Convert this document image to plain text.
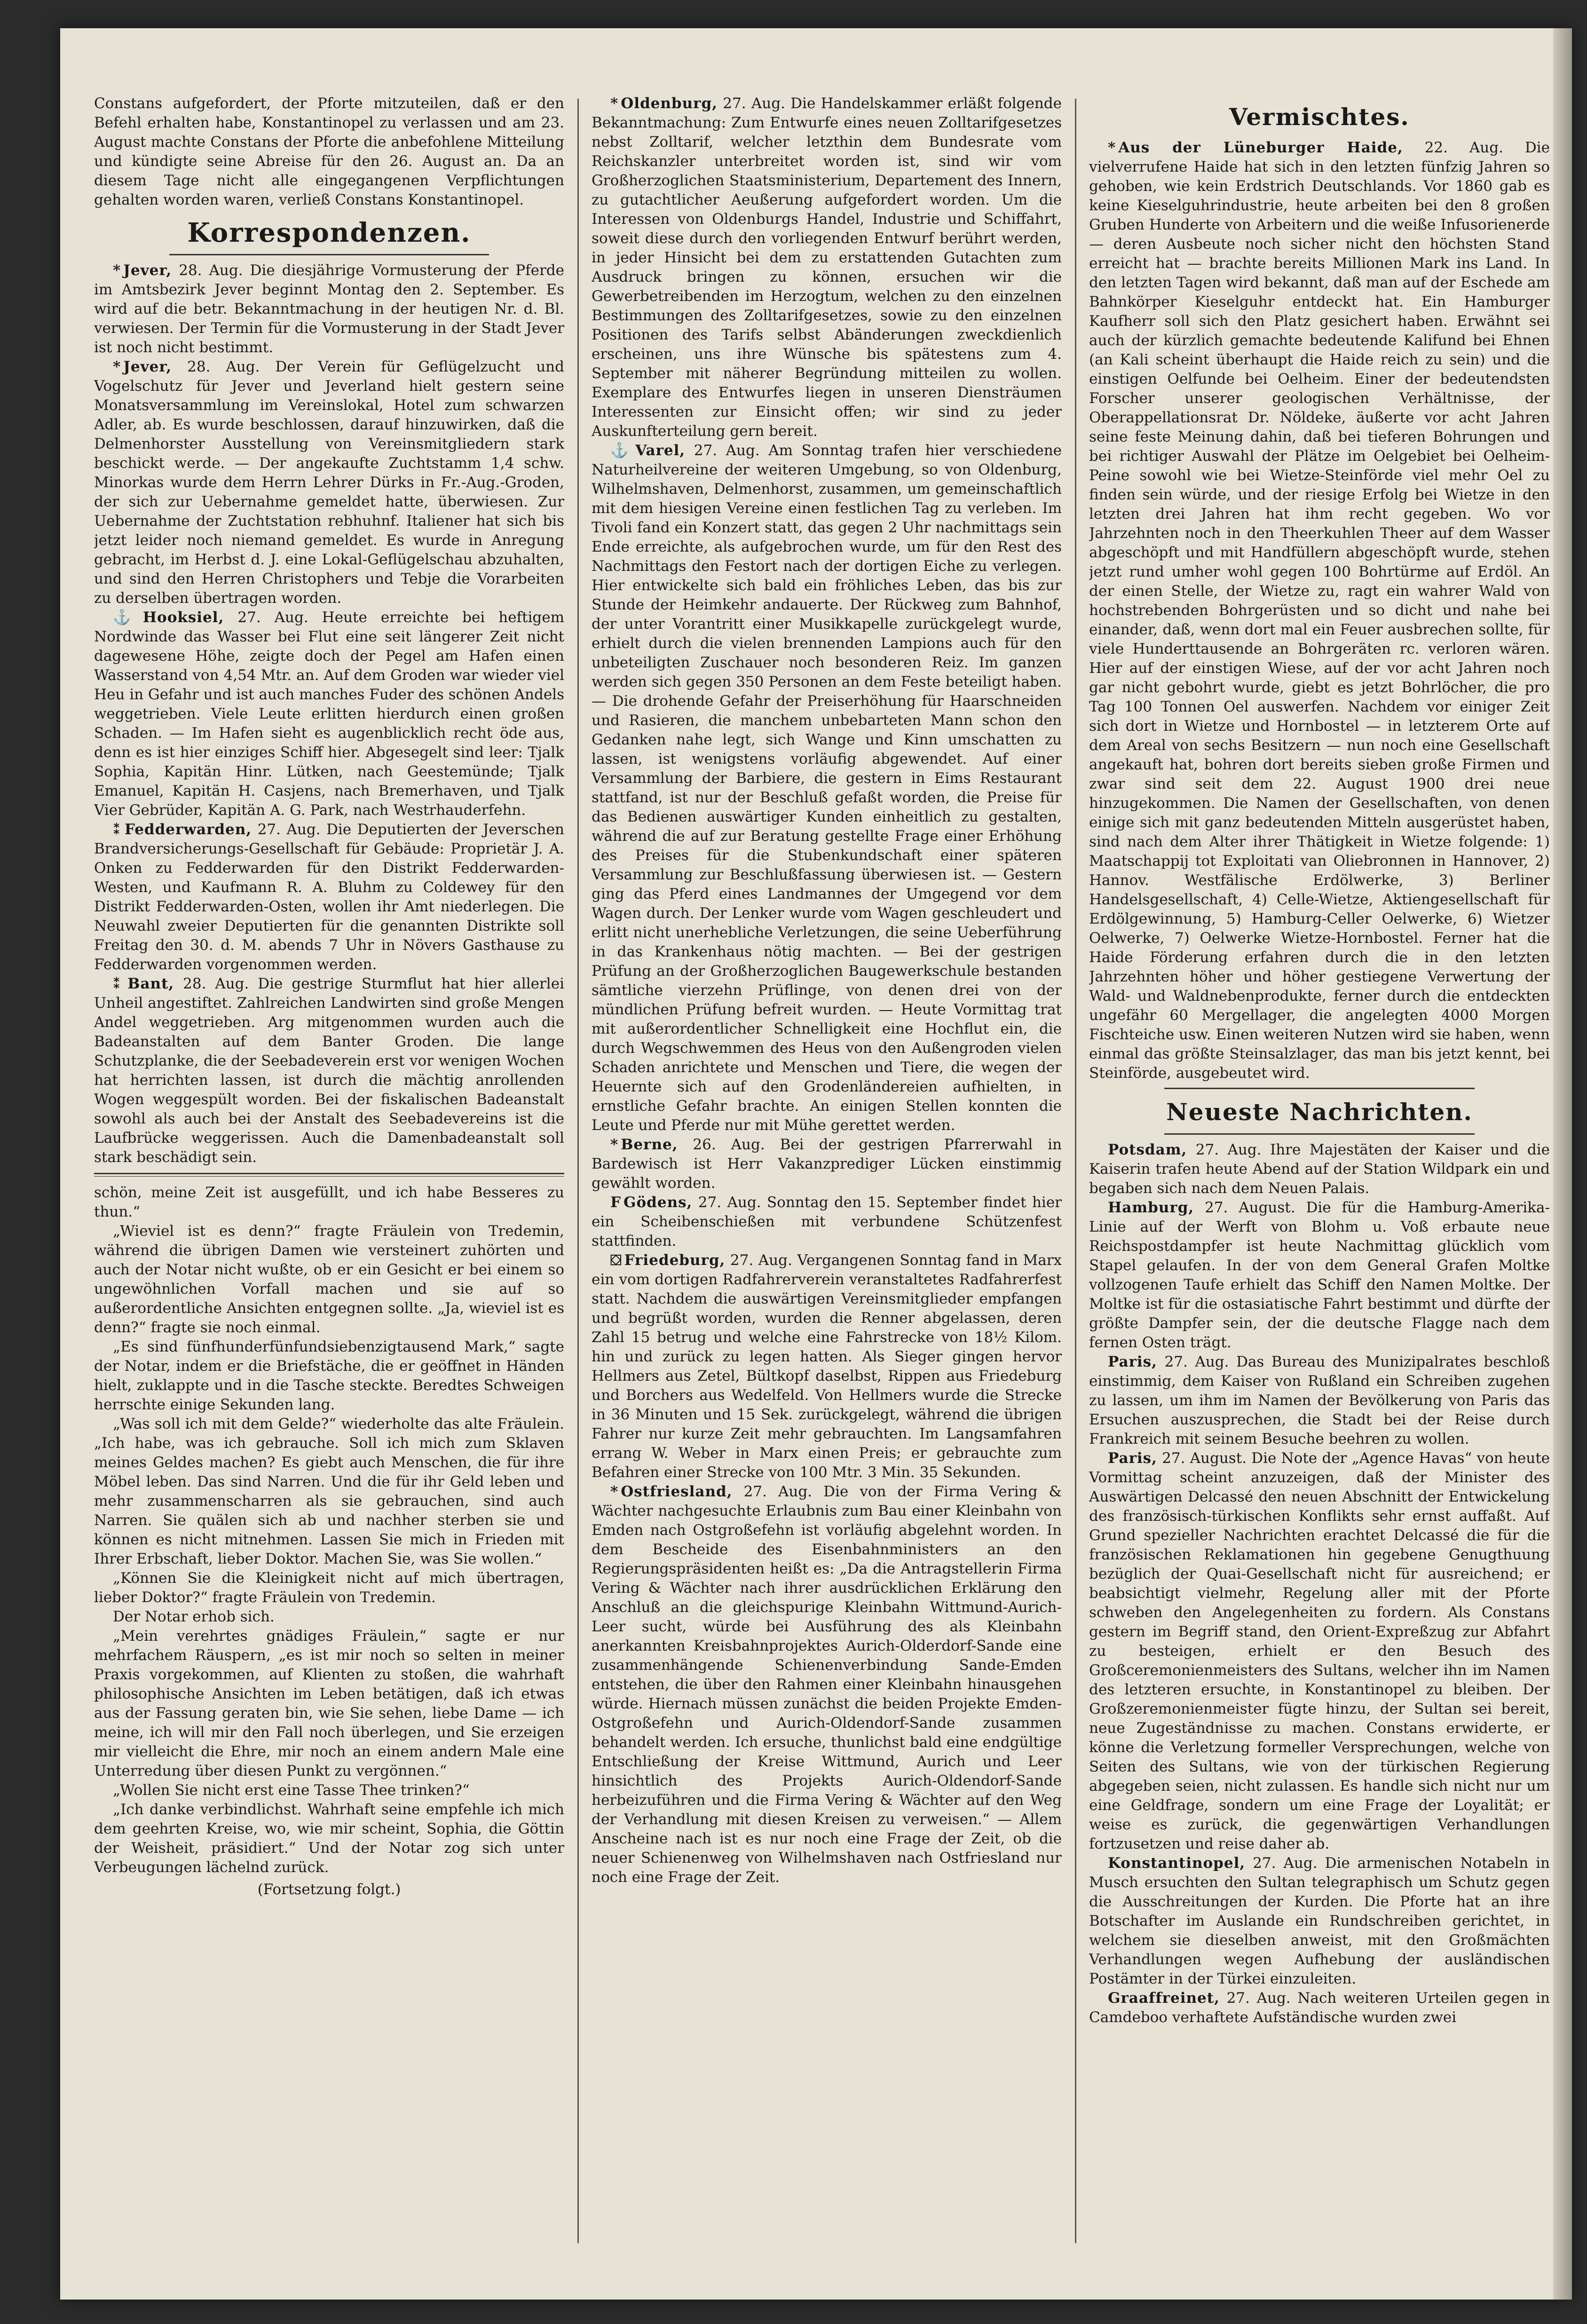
Constans aufgefordert, der Pforte mitzuteilen, daß er den Befehl erhalten habe, Konstantinopel zu verlassen und am 23. August machte Constans der Pforte die anbefohlene Mitteilung und kündigte seine Abreise für den 26. August an. Da an diesem Tage nicht alle eingegangenen Verpflichtungen gehalten worden waren, verließ Constans Konstantinopel.

Korrespondenzen.

* Jever, 28. Aug. Die diesjährige Vormusterung der Pferde im Amtsbezirk Jever beginnt Montag den 2. September. Es wird auf die betr. Bekanntmachung in der heutigen Nr. d. Bl. verwiesen. Der Termin für die Vormusterung in der Stadt Jever ist noch nicht bestimmt.

* Jever, 28. Aug. Der Verein für Geflügelzucht und Vogelschutz für Jever und Jeverland hielt gestern seine Monatsversammlung im Vereinslokal, Hotel zum schwarzen Adler, ab. Es wurde beschlossen, darauf hinzuwirken, daß die Delmenhorster Ausstellung von Vereinsmitgliedern stark beschickt werde. — Der angekaufte Zuchtstamm 1,4 schw. Minorkas wurde dem Herrn Lehrer Dürks in Fr.-Aug.-Groden, der sich zur Uebernahme gemeldet hatte, überwiesen. Zur Uebernahme der Zuchtstation rebhuhnf. Italiener hat sich bis jetzt leider noch niemand gemeldet. Es wurde in Anregung gebracht, im Herbst d. J. eine Lokal-Geflügelschau abzuhalten, und sind den Herren Christophers und Tebje die Vorarbeiten zu derselben übertragen worden.

⚓ Hooksiel, 27. Aug. Heute erreichte bei heftigem Nordwinde das Wasser bei Flut eine seit längerer Zeit nicht dagewesene Höhe, zeigte doch der Pegel am Hafen einen Wasserstand von 4,54 Mtr. an. Auf dem Groden war wieder viel Heu in Gefahr und ist auch manches Fuder des schönen Andels weggetrieben. Viele Leute erlitten hierdurch einen großen Schaden. — Im Hafen sieht es augenblicklich recht öde aus, denn es ist hier einziges Schiff hier. Abgesegelt sind leer: Tjalk Sophia, Kapitän Hinr. Lütken, nach Geestemünde; Tjalk Emanuel, Kapitän H. Casjens, nach Bremerhaven, und Tjalk Vier Gebrüder, Kapitän A. G. Park, nach Westrhauderfehn.

⁑ Fedderwarden, 27. Aug. Die Deputierten der Jeverschen Brandversicherungs-Gesellschaft für Gebäude: Proprietär J. A. Onken zu Fedderwarden für den Distrikt Fedderwarden-Westen, und Kaufmann R. A. Bluhm zu Coldewey für den Distrikt Fedderwarden-Osten, wollen ihr Amt niederlegen. Die Neuwahl zweier Deputierten für die genannten Distrikte soll Freitag den 30. d. M. abends 7 Uhr in Növers Gasthause zu Fedderwarden vorgenommen werden.

⁑ Bant, 28. Aug. Die gestrige Sturmflut hat hier allerlei Unheil angestiftet. Zahlreichen Landwirten sind große Mengen Andel weggetrieben. Arg mitgenommen wurden auch die Badeanstalten auf dem Banter Groden. Die lange Schutzplanke, die der Seebadeverein erst vor wenigen Wochen hat herrichten lassen, ist durch die mächtig anrollenden Wogen weggespült worden. Bei der fiskalischen Badeanstalt sowohl als auch bei der Anstalt des Seebadevereins ist die Laufbrücke weggerissen. Auch die Damenbadeanstalt soll stark beschädigt sein.

schön, meine Zeit ist ausgefüllt, und ich habe Besseres zu thun.“

„Wieviel ist es denn?“ fragte Fräulein von Tredemin, während die übrigen Damen wie versteinert zuhörten und auch der Notar nicht wußte, ob er ein Gesicht er bei einem so ungewöhnlichen Vorfall machen und sie auf so außerordentliche Ansichten entgegnen sollte. „Ja, wieviel ist es denn?“ fragte sie noch einmal.

„Es sind fünfhunderfünfundsiebenzigtausend Mark,“ sagte der Notar, indem er die Briefstäche, die er geöffnet in Händen hielt, zuklappte und in die Tasche steckte. Beredtes Schweigen herrschte einige Sekunden lang.

„Was soll ich mit dem Gelde?“ wiederholte das alte Fräulein. „Ich habe, was ich gebrauche. Soll ich mich zum Sklaven meines Geldes machen? Es giebt auch Menschen, die für ihre Möbel leben. Das sind Narren. Und die für ihr Geld leben und mehr zusammenscharren als sie gebrauchen, sind auch Narren. Sie quälen sich ab und nachher sterben sie und können es nicht mitnehmen. Lassen Sie mich in Frieden mit Ihrer Erbschaft, lieber Doktor. Machen Sie, was Sie wollen.“

„Können Sie die Kleinigkeit nicht auf mich übertragen, lieber Doktor?“ fragte Fräulein von Tredemin.

Der Notar erhob sich.

„Mein verehrtes gnädiges Fräulein,“ sagte er nur mehrfachem Räuspern, „es ist mir noch so selten in meiner Praxis vorgekommen, auf Klienten zu stoßen, die wahrhaft philosophische Ansichten im Leben betätigen, daß ich etwas aus der Fassung geraten bin, wie Sie sehen, liebe Dame — ich meine, ich will mir den Fall noch überlegen, und Sie erzeigen mir vielleicht die Ehre, mir noch an einem andern Male eine Unterredung über diesen Punkt zu vergönnen.“

„Wollen Sie nicht erst eine Tasse Thee trinken?“

„Ich danke verbindlichst. Wahrhaft seine empfehle ich mich dem geehrten Kreise, wo, wie mir scheint, Sophia, die Göttin der Weisheit, präsidiert.“ Und der Notar zog sich unter Verbeugungen lächelnd zurück.

(Fortsetzung folgt.)

* Oldenburg, 27. Aug. Die Handelskammer erläßt folgende Bekanntmachung: Zum Entwurfe eines neuen Zolltarifgesetzes nebst Zolltarif, welcher letzthin dem Bundesrate vom Reichskanzler unterbreitet worden ist, sind wir vom Großherzoglichen Staatsministerium, Departement des Innern, zu gutachtlicher Aeußerung aufgefordert worden. Um die Interessen von Oldenburgs Handel, Industrie und Schiffahrt, soweit diese durch den vorliegenden Entwurf berührt werden, in jeder Hinsicht bei dem zu erstattenden Gutachten zum Ausdruck bringen zu können, ersuchen wir die Gewerbetreibenden im Herzogtum, welchen zu den einzelnen Bestimmungen des Zolltarifgesetzes, sowie zu den einzelnen Positionen des Tarifs selbst Abänderungen zweckdienlich erscheinen, uns ihre Wünsche bis spätestens zum 4. September mit näherer Begründung mitteilen zu wollen. Exemplare des Entwurfes liegen in unseren Diensträumen Interessenten zur Einsicht offen; wir sind zu jeder Auskunfterteilung gern bereit.

⚓ Varel, 27. Aug. Am Sonntag trafen hier verschiedene Naturheilvereine der weiteren Umgebung, so von Oldenburg, Wilhelmshaven, Delmenhorst, zusammen, um gemeinschaftlich mit dem hiesigen Vereine einen festlichen Tag zu verleben. Im Tivoli fand ein Konzert statt, das gegen 2 Uhr nachmittags sein Ende erreichte, als aufgebrochen wurde, um für den Rest des Nachmittags den Festort nach der dortigen Eiche zu verlegen. Hier entwickelte sich bald ein fröhliches Leben, das bis zur Stunde der Heimkehr andauerte. Der Rückweg zum Bahnhof, der unter Vorantritt einer Musikkapelle zurückgelegt wurde, erhielt durch die vielen brennenden Lampions auch für den unbeteiligten Zuschauer noch besonderen Reiz. Im ganzen werden sich gegen 350 Personen an dem Feste beteiligt haben. — Die drohende Gefahr der Preiserhöhung für Haarschneiden und Rasieren, die manchem unbebarteten Mann schon den Gedanken nahe legt, sich Wange und Kinn umschatten zu lassen, ist wenigstens vorläufig abgewendet. Auf einer Versammlung der Barbiere, die gestern in Eims Restaurant stattfand, ist nur der Beschluß gefaßt worden, die Preise für das Bedienen auswärtiger Kunden einheitlich zu gestalten, während die auf zur Beratung gestellte Frage einer Erhöhung des Preises für die Stubenkundschaft einer späteren Versammlung zur Beschlußfassung überwiesen ist. — Gestern ging das Pferd eines Landmannes der Umgegend vor dem Wagen durch. Der Lenker wurde vom Wagen geschleudert und erlitt nicht unerhebliche Verletzungen, die seine Ueberführung in das Krankenhaus nötig machten. — Bei der gestrigen Prüfung an der Großherzoglichen Baugewerkschule bestanden sämtliche vierzehn Prüflinge, von denen drei von der mündlichen Prüfung befreit wurden. — Heute Vormittag trat mit außerordentlicher Schnelligkeit eine Hochflut ein, die durch Wegschwemmen des Heus von den Außengroden vielen Schaden anrichtete und Menschen und Tiere, die wegen der Heuernte sich auf den Grodenländereien aufhielten, in ernstliche Gefahr brachte. An einigen Stellen konnten die Leute und Pferde nur mit Mühe gerettet werden.

* Berne, 26. Aug. Bei der gestrigen Pfarrerwahl in Bardewisch ist Herr Vakanzprediger Lücken einstimmig gewählt worden.

F Gödens, 27. Aug. Sonntag den 15. September findet hier ein Scheibenschießen mit verbundene Schützenfest stattfinden.

⛋ Friedeburg, 27. Aug. Vergangenen Sonntag fand in Marx ein vom dortigen Radfahrerverein veranstaltetes Radfahrerfest statt. Nachdem die auswärtigen Vereinsmitglieder empfangen und begrüßt worden, wurden die Renner abgelassen, deren Zahl 15 betrug und welche eine Fahrstrecke von 18½ Kilom. hin und zurück zu legen hatten. Als Sieger gingen hervor Hellmers aus Zetel, Bültkopf daselbst, Rippen aus Friedeburg und Borchers aus Wedelfeld. Von Hellmers wurde die Strecke in 36 Minuten und 15 Sek. zurückgelegt, während die übrigen Fahrer nur kurze Zeit mehr gebrauchten. Im Langsamfahren errang W. Weber in Marx einen Preis; er gebrauchte zum Befahren einer Strecke von 100 Mtr. 3 Min. 35 Sekunden.

* Ostfriesland, 27. Aug. Die von der Firma Vering & Wächter nachgesuchte Erlaubnis zum Bau einer Kleinbahn von Emden nach Ostgroßefehn ist vorläufig abgelehnt worden. In dem Bescheide des Eisenbahnministers an den Regierungspräsidenten heißt es: „Da die Antragstellerin Firma Vering & Wächter nach ihrer ausdrücklichen Erklärung den Anschluß an die gleichspurige Kleinbahn Wittmund-Aurich-Leer sucht, würde bei Ausführung des als Kleinbahn anerkannten Kreisbahnprojektes Aurich-Olderdorf-Sande eine zusammenhängende Schienenverbindung Sande-Emden entstehen, die über den Rahmen einer Kleinbahn hinausgehen würde. Hiernach müssen zunächst die beiden Projekte Emden-Ostgroßefehn und Aurich-Oldendorf-Sande zusammen behandelt werden. Ich ersuche, thunlichst bald eine endgültige Entschließung der Kreise Wittmund, Aurich und Leer hinsichtlich des Projekts Aurich-Oldendorf-Sande herbeizuführen und die Firma Vering & Wächter auf den Weg der Verhandlung mit diesen Kreisen zu verweisen.“ — Allem Anscheine nach ist es nur noch eine Frage der Zeit, ob die neuer Schienenweg von Wilhelmshaven nach Ostfriesland nur noch eine Frage der Zeit.

Vermischtes.

* Aus der Lüneburger Haide, 22. Aug. Die vielverrufene Haide hat sich in den letzten fünfzig Jahren so gehoben, wie kein Erdstrich Deutschlands. Vor 1860 gab es keine Kieselguhrindustrie, heute arbeiten bei den 8 großen Gruben Hunderte von Arbeitern und die weiße Infusorienerde — deren Ausbeute noch sicher nicht den höchsten Stand erreicht hat — brachte bereits Millionen Mark ins Land. In den letzten Tagen wird bekannt, daß man auf der Eschede am Bahnkörper Kieselguhr entdeckt hat. Ein Hamburger Kaufherr soll sich den Platz gesichert haben. Erwähnt sei auch der kürzlich gemachte bedeutende Kalifund bei Ehnen (an Kali scheint überhaupt die Haide reich zu sein) und die einstigen Oelfunde bei Oelheim. Einer der bedeutendsten Forscher unserer geologischen Verhältnisse, der Oberappellationsrat Dr. Nöldeke, äußerte vor acht Jahren seine feste Meinung dahin, daß bei tieferen Bohrungen und bei richtiger Auswahl der Plätze im Oelgebiet bei Oelheim-Peine sowohl wie bei Wietze-Steinförde viel mehr Oel zu finden sein würde, und der riesige Erfolg bei Wietze in den letzten drei Jahren hat ihm recht gegeben. Wo vor Jahrzehnten noch in den Theerkuhlen Theer auf dem Wasser abgeschöpft und mit Handfüllern abgeschöpft wurde, stehen jetzt rund umher wohl gegen 100 Bohrtürme auf Erdöl. An der einen Stelle, der Wietze zu, ragt ein wahrer Wald von hochstrebenden Bohrgerüsten und so dicht und nahe bei einander, daß, wenn dort mal ein Feuer ausbrechen sollte, für viele Hunderttausende an Bohrgeräten rc. verloren wären. Hier auf der einstigen Wiese, auf der vor acht Jahren noch gar nicht gebohrt wurde, giebt es jetzt Bohrlöcher, die pro Tag 100 Tonnen Oel auswerfen. Nachdem vor einiger Zeit sich dort in Wietze und Hornbostel — in letzterem Orte auf dem Areal von sechs Besitzern — nun noch eine Gesellschaft angekauft hat, bohren dort bereits sieben große Firmen und zwar sind seit dem 22. August 1900 drei neue hinzugekommen. Die Namen der Gesellschaften, von denen einige sich mit ganz bedeutenden Mitteln ausgerüstet haben, sind nach dem Alter ihrer Thätigkeit in Wietze folgende: 1) Maatschappij tot Exploitati van Oliebronnen in Hannover, 2) Hannov. Westfälische Erdölwerke, 3) Berliner Handelsgesellschaft, 4) Celle-Wietze, Aktiengesellschaft für Erdölgewinnung, 5) Hamburg-Celler Oelwerke, 6) Wietzer Oelwerke, 7) Oelwerke Wietze-Hornbostel. Ferner hat die Haide Förderung erfahren durch die in den letzten Jahrzehnten höher und höher gestiegene Verwertung der Wald- und Waldnebenprodukte, ferner durch die entdeckten ungefähr 60 Mergellager, die angelegten 4000 Morgen Fischteiche usw. Einen weiteren Nutzen wird sie haben, wenn einmal das größte Steinsalzlager, das man bis jetzt kennt, bei Steinförde, ausgebeutet wird.

Neueste Nachrichten.

Potsdam, 27. Aug. Ihre Majestäten der Kaiser und die Kaiserin trafen heute Abend auf der Station Wildpark ein und begaben sich nach dem Neuen Palais.

Hamburg, 27. August. Die für die Hamburg-Amerika-Linie auf der Werft von Blohm u. Voß erbaute neue Reichspostdampfer ist heute Nachmittag glücklich vom Stapel gelaufen. In der von dem General Grafen Moltke vollzogenen Taufe erhielt das Schiff den Namen Moltke. Der Moltke ist für die ostasiatische Fahrt bestimmt und dürfte der größte Dampfer sein, der die deutsche Flagge nach dem fernen Osten trägt.

Paris, 27. Aug. Das Bureau des Munizipalrates beschloß einstimmig, dem Kaiser von Rußland ein Schreiben zugehen zu lassen, um ihm im Namen der Bevölkerung von Paris das Ersuchen auszusprechen, die Stadt bei der Reise durch Frankreich mit seinem Besuche beehren zu wollen.

Paris, 27. August. Die Note der „Agence Havas“ von heute Vormittag scheint anzuzeigen, daß der Minister des Auswärtigen Delcassé den neuen Abschnitt der Entwickelung des französisch-türkischen Konflikts sehr ernst auffaßt. Auf Grund spezieller Nachrichten erachtet Delcassé die für die französischen Reklamationen hin gegebene Genugthuung bezüglich der Quai-Gesellschaft nicht für ausreichend; er beabsichtigt vielmehr, Regelung aller mit der Pforte schweben den Angelegenheiten zu fordern. Als Constans gestern im Begriff stand, den Orient-Expreßzug zur Abfahrt zu besteigen, erhielt er den Besuch des Großceremonienmeisters des Sultans, welcher ihn im Namen des letzteren ersuchte, in Konstantinopel zu bleiben. Der Großzeremonienmeister fügte hinzu, der Sultan sei bereit, neue Zugeständnisse zu machen. Constans erwiderte, er könne die Verletzung formeller Versprechungen, welche von Seiten des Sultans, wie von der türkischen Regierung abgegeben seien, nicht zulassen. Es handle sich nicht nur um eine Geldfrage, sondern um eine Frage der Loyalität; er weise es zurück, die gegenwärtigen Verhandlungen fortzusetzen und reise daher ab.

Konstantinopel, 27. Aug. Die armenischen Notabeln in Musch ersuchten den Sultan telegraphisch um Schutz gegen die Ausschreitungen der Kurden. Die Pforte hat an ihre Botschafter im Auslande ein Rundschreiben gerichtet, in welchem sie dieselben anweist, mit den Großmächten Verhandlungen wegen Aufhebung der ausländischen Postämter in der Türkei einzuleiten.

Graaffreinet, 27. Aug. Nach weiteren Urteilen gegen in Camdeboo verhaftete Aufständische wurden zwei
